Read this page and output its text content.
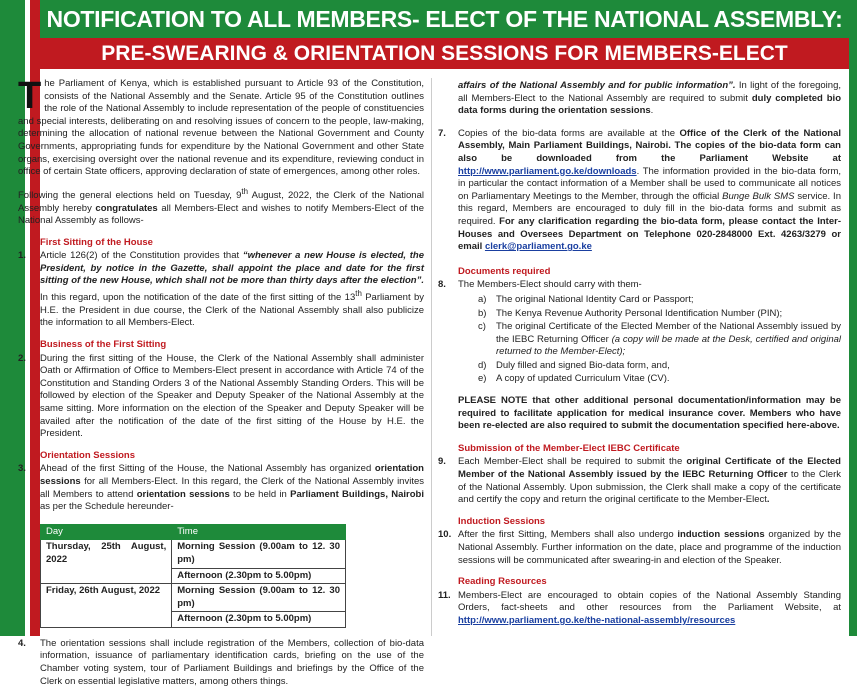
NOTIFICATION TO ALL MEMBERS- ELECT OF THE NATIONAL ASSEMBLY:
PRE-SWEARING & ORIENTATION SESSIONS FOR MEMBERS-ELECT

The Parliament of Kenya, which is established pursuant to Article 93 of the Constitution, consists of the National Assembly and the Senate. Article 95 of the Constitution outlines the role of the National Assembly to include representation of the people of constituencies and special interests, deliberating on and resolving issues of concern to the people, law-making, determining the allocation of national revenue between the National Government and County Governments, appropriating funds for expenditure by the National Government and other State organs, exercising oversight over the national revenue and its expenditure, reviewing conduct in office of certain State officers, approving declaration of state of emergences, among other roles.

Following the general elections held on Tuesday, 9th August, 2022, the Clerk of the National Assembly hereby congratulates all Members-Elect and wishes to notify Members-Elect of the National Assembly as follows-

First Sitting of the House
1. Article 126(2) of the Constitution provides that “whenever a new House is elected, the President, by notice in the Gazette, shall appoint the place and date for the first sitting of the new House, which shall not be more than thirty days after the election”. In this regard, upon the notification of the date of the first sitting of the 13th Parliament by H.E. the President in due course, the Clerk of the National Assembly shall also publicize the information to all Members-Elect.
Business of the First Sitting
2. During the first sitting of the House, the Clerk of the National Assembly shall administer Oath or Affirmation of Office to Members-Elect present in accordance with Article 74 of the Constitution and Standing Orders 3 of the National Assembly Standing Orders. This will be followed by election of the Speaker and Deputy Speaker of the National Assembly at the same sitting. More information on the election of the Speaker and Deputy Speaker will be availed after the notification of the date of the first sitting of the House by H.E. the President.
Orientation Sessions
3. Ahead of the first Sitting of the House, the National Assembly has organized orientation sessions for all Members-Elect. In this regard, the Clerk of the National Assembly invites all Members to attend orientation sessions to be held in Parliament Buildings, Nairobi as per the Schedule hereunder-
Day	Time
Thursday, 25th August, 2022	Morning Session (9.00am to 12. 30 pm)
	Afternoon (2.30pm to 5.00pm)
Friday, 26th August, 2022	Morning Session (9.00am to 12. 30 pm)
	Afternoon (2.30pm to 5.00pm)
4. The orientation sessions shall include registration of the Members, collection of bio-data information, issuance of parliamentary identification cards, briefing on the use of the Chamber voting system, tour of Parliament Buildings and briefings by the Office of the Clerk on essential legislative matters, among others things.
affairs of the National Assembly and for public information”. In light of the foregoing, all Members-Elect to the National Assembly are required to submit duly completed bio data forms during the orientation sessions.
7. Copies of the bio-data forms are available at the Office of the Clerk of the National Assembly, Main Parliament Buildings, Nairobi. The copies of the bio-data form can also be downloaded from the Parliament Website at http://www.parliament.go.ke/downloads. The information provided in the bio-data form, in particular the contact information of a Member shall be used to communicate all notices on Parliamentary Meetings to the Member, through the official Bunge Bulk SMS service. In this regard, Members are encouraged to duly fill in the bio-data forms and submit as required. For any clarification regarding the bio-data form, please contact the Inter-Houses and Oversees Department on Telephone 020-2848000 Ext. 4263/3279 or email clerk@parliament.go.ke
Documents required
8. The Members-Elect should carry with them-
a)	The original National Identity Card or Passport;
b)	The Kenya Revenue Authority Personal Identification Number (PIN);
c)	The original Certificate of the Elected Member of the National Assembly issued by the IEBC Returning Officer (a copy will be made at the Desk, certified and original returned to the Member-Elect);
d)	Duly filled and signed Bio-data form, and,
e)	A copy of updated Curriculum Vitae (CV).
PLEASE NOTE that other additional personal documentation/information may be required to facilitate application for medical insurance cover. Members who have been re-elected are also required to submit the documentation specified here-above.
Submission of the Member-Elect IEBC Certificate
9. Each Member-Elect shall be required to submit the original Certificate of the Elected Member of the National Assembly issued by the IEBC Returning Officer to the Clerk of the National Assembly. Upon submission, the Clerk shall make a copy of the certificate and certify the copy and return the original certificate to the Member-Elect.
Induction Sessions
10. After the first Sitting, Members shall also undergo induction sessions organized by the National Assembly. Further information on the date, place and programme of the induction sessions will be communicated after swearing-in and election of the Speaker.
Reading Resources
11. Members-Elect are encouraged to obtain copies of the National Assembly Standing Orders, fact-sheets and other resources from the Parliament Website, at http://www.parliament.go.ke/the-national-assembly/resources
